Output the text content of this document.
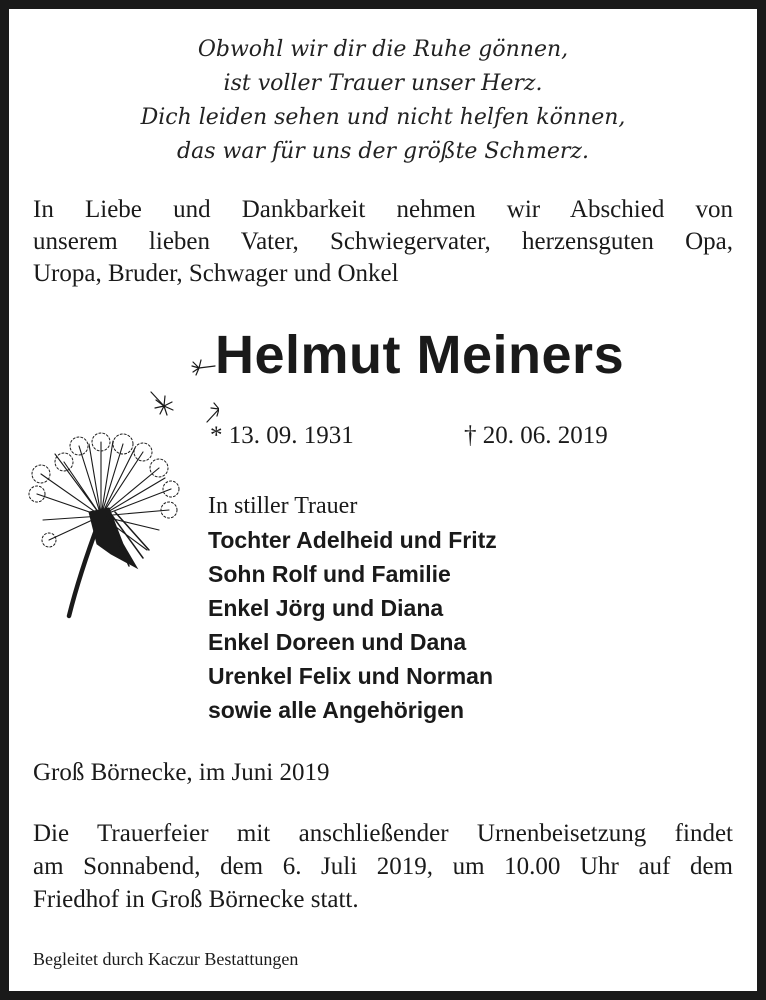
Obwohl wir dir die Ruhe gönnen,
ist voller Trauer unser Herz.
Dich leiden sehen und nicht helfen können,
das war für uns der größte Schmerz.
In Liebe und Dankbarkeit nehmen wir Abschied von
unserem lieben Vater, Schwiegervater, herzensguten Opa,
Uropa, Bruder, Schwager und Onkel
Helmut Meiners
* 13. 09. 1931	† 20. 06. 2019
In stiller Trauer
Tochter Adelheid und Fritz
Sohn Rolf und Familie
Enkel Jörg und Diana
Enkel Doreen und Dana
Urenkel Felix und Norman
sowie alle Angehörigen
Groß Börnecke, im Juni 2019
Die Trauerfeier mit anschließender Urnenbeisetzung findet
am Sonnabend, dem 6. Juli 2019, um 10.00 Uhr auf dem
Friedhof in Groß Börnecke statt.
Begleitet durch Kaczur Bestattungen
